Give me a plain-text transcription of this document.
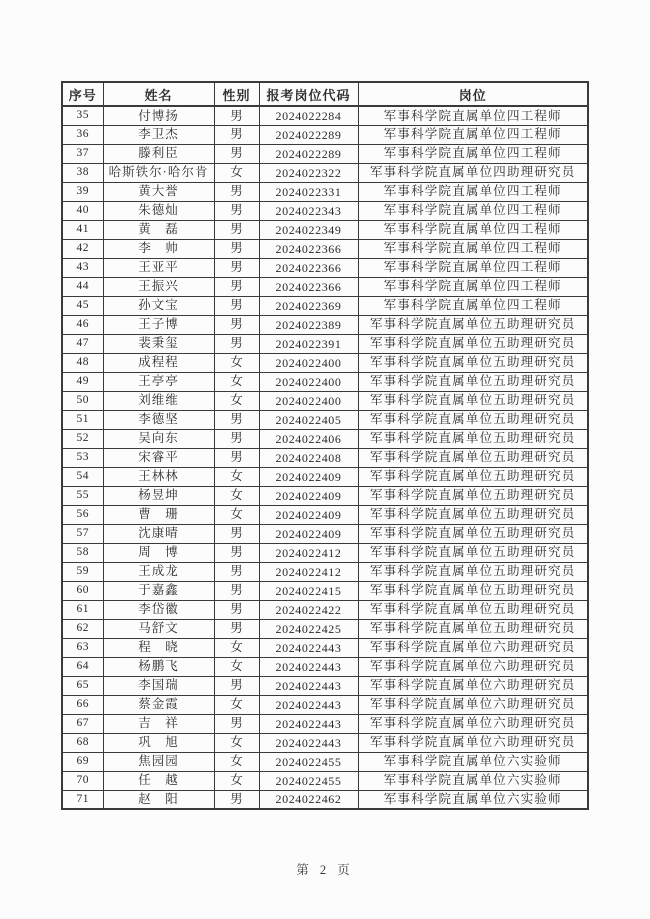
序号	姓名	性别	报考岗位代码	岗位
35	付博扬	男	2024022284	军事科学院直属单位四工程师
36	李卫杰	男	2024022289	军事科学院直属单位四工程师
37	滕利臣	男	2024022289	军事科学院直属单位四工程师
38	哈斯铁尔·哈尔肯	女	2024022322	军事科学院直属单位四助理研究员
39	黄大誉	男	2024022331	军事科学院直属单位四工程师
40	朱德灿	男	2024022343	军事科学院直属单位四工程师
41	黄　磊	男	2024022349	军事科学院直属单位四工程师
42	李　帅	男	2024022366	军事科学院直属单位四工程师
43	王亚平	男	2024022366	军事科学院直属单位四工程师
44	王振兴	男	2024022366	军事科学院直属单位四工程师
45	孙文宝	男	2024022369	军事科学院直属单位四工程师
46	王子博	男	2024022389	军事科学院直属单位五助理研究员
47	裴秉玺	男	2024022391	军事科学院直属单位五助理研究员
48	成程程	女	2024022400	军事科学院直属单位五助理研究员
49	王亭亭	女	2024022400	军事科学院直属单位五助理研究员
50	刘维维	女	2024022400	军事科学院直属单位五助理研究员
51	李德坚	男	2024022405	军事科学院直属单位五助理研究员
52	吴向东	男	2024022406	军事科学院直属单位五助理研究员
53	宋睿平	男	2024022408	军事科学院直属单位五助理研究员
54	王林林	女	2024022409	军事科学院直属单位五助理研究员
55	杨昱坤	女	2024022409	军事科学院直属单位五助理研究员
56	曹　珊	女	2024022409	军事科学院直属单位五助理研究员
57	沈康晴	男	2024022409	军事科学院直属单位五助理研究员
58	周　博	男	2024022412	军事科学院直属单位五助理研究员
59	王成龙	男	2024022412	军事科学院直属单位五助理研究员
60	于嘉鑫	男	2024022415	军事科学院直属单位五助理研究员
61	李岱徽	男	2024022422	军事科学院直属单位五助理研究员
62	马舒文	男	2024022425	军事科学院直属单位五助理研究员
63	程　晓	女	2024022443	军事科学院直属单位六助理研究员
64	杨鹏飞	女	2024022443	军事科学院直属单位六助理研究员
65	李国瑞	男	2024022443	军事科学院直属单位六助理研究员
66	蔡金霞	女	2024022443	军事科学院直属单位六助理研究员
67	吉　祥	男	2024022443	军事科学院直属单位六助理研究员
68	巩　旭	女	2024022443	军事科学院直属单位六助理研究员
69	焦园园	女	2024022455	军事科学院直属单位六实验师
70	任　越	女	2024022455	军事科学院直属单位六实验师
71	赵　阳	男	2024022462	军事科学院直属单位六实验师
第 2 页
